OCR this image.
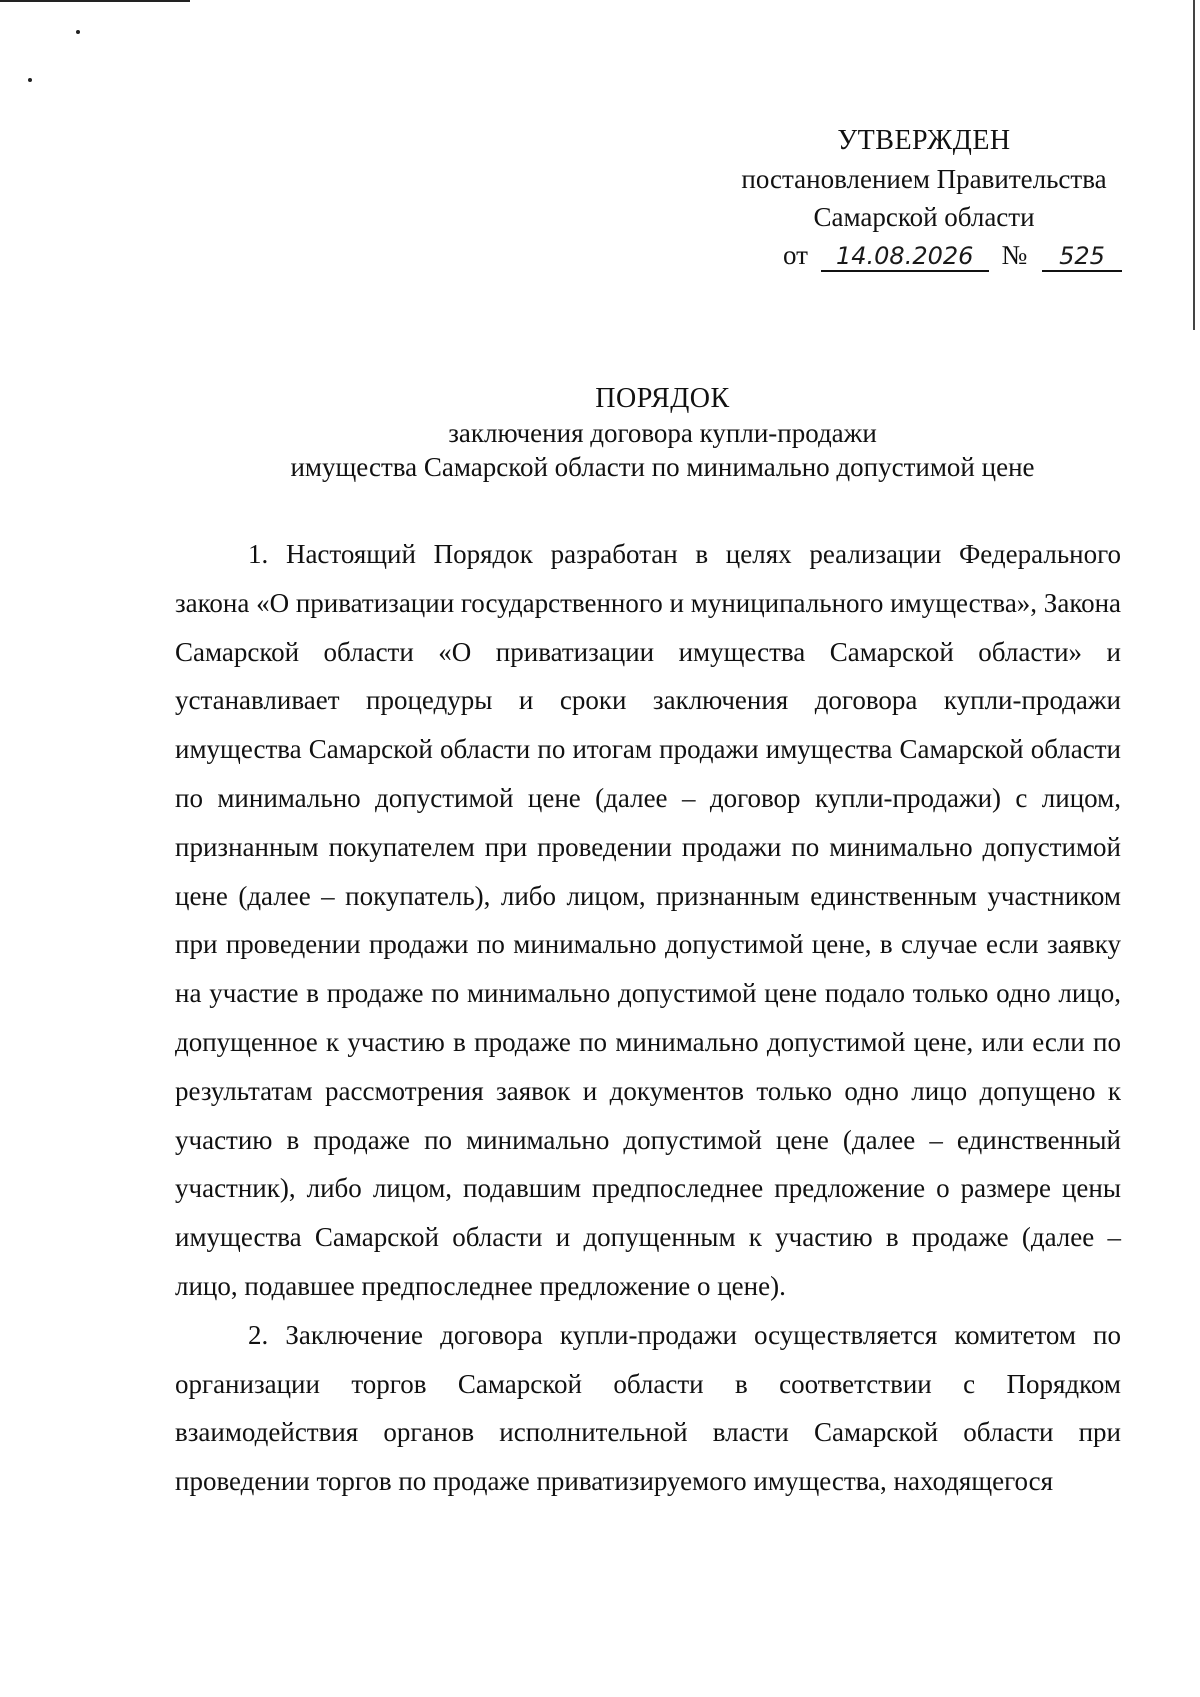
УТВЕРЖДЕН
постановлением Правительства
Самарской области
от 14.08.2026 № 525
ПОРЯДОК
заключения договора купли-продажи
имущества Самарской области по минимально допустимой цене

1. Настоящий Порядок разработан в целях реализации Федерального закона «О приватизации государственного и муниципального имущества», Закона Самарской области «О приватизации имущества Самарской области» и устанавливает процедуры и сроки заключения договора купли-продажи имущества Самарской области по итогам продажи имущества Самарской области по минимально допустимой цене (далее – договор купли-продажи) с лицом, признанным покупателем при проведении продажи по минимально допустимой цене (далее – покупатель), либо лицом, признанным единственным участником при проведении продажи по минимально допустимой цене, в случае если заявку на участие в продаже по минимально допустимой цене подало только одно лицо, допущенное к участию в продаже по минимально допустимой цене, или если по результатам рассмотрения заявок и документов только одно лицо допущено к участию в продаже по минимально допустимой цене (далее – единственный участник), либо лицом, подавшим предпоследнее предложение о размере цены имущества Самарской области и допущенным к участию в продаже (далее – лицо, подавшее предпоследнее предложение о цене).

2. Заключение договора купли-продажи осуществляется комитетом по организации торгов Самарской области в соответствии с Порядком взаимодействия органов исполнительной власти Самарской области при проведении торгов по продаже приватизируемого имущества, находящегося
